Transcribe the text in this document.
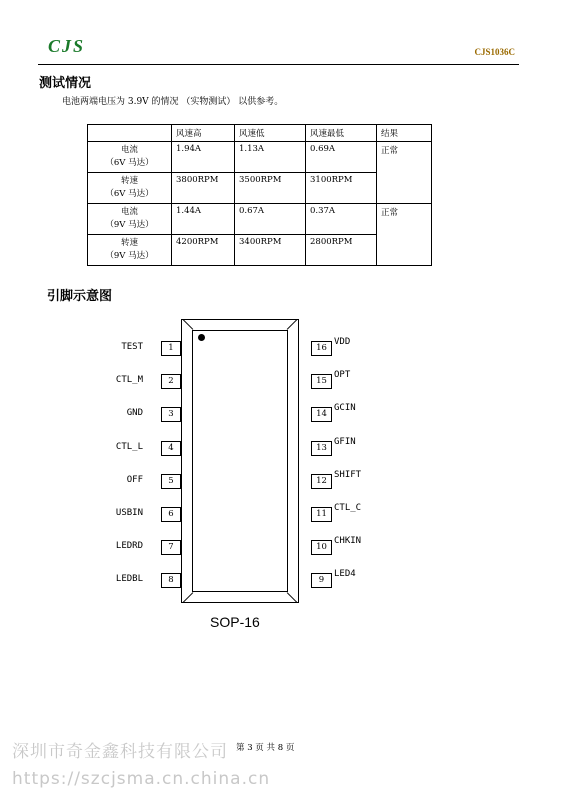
CJS	CJS1036C
测试情况
电池两端电压为 3.9V 的情况 （实物测试） 以供参考。
	风速高	风速低	风速最低	结果
电流
（6V 马达）	1.94A	1.13A	0.69A	正常
转速
（6V 马达）	3800RPM	3500RPM	3100RPM	
电流
（9V 马达）	1.44A	0.67A	0.37A	正常
转速
（9V 马达）	4200RPM	3400RPM	2800RPM	
引脚示意图
1
TEST
2
CTL_M
3
GND
4
CTL_L
5
OFF
6
USBIN
7
LEDRD
8
LEDBL
16
VDD
15
OPT
14
GCIN
13
GFIN
12
SHIFT
11
CTL_C
10
CHKIN
9
LED4
SOP-16
第 3 页 共 8 页
深圳市奇金鑫科技有限公司
https://szcjsma.cn.china.cn
